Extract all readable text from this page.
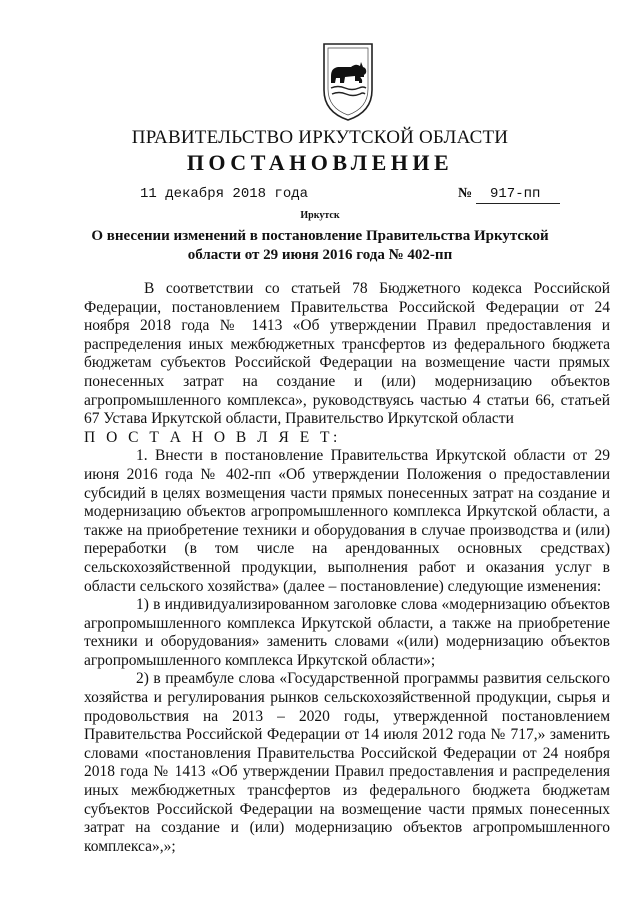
ПРАВИТЕЛЬСТВО ИРКУТСКОЙ ОБЛАСТИ
ПОСТАНОВЛЕНИЕ
11 декабря 2018 года	№ 917-пп
Иркутск
О внесении изменений в постановление Правительства Иркутской области от 29 июня 2016 года № 402-пп

В соответствии со статьей 78 Бюджетного кодекса Российской Федерации, постановлением Правительства Российской Федерации от 24 ноября 2018 года № 1413 «Об утверждении Правил предоставления и распределения иных межбюджетных трансфертов из федерального бюджета бюджетам субъектов Российской Федерации на возмещение части прямых понесенных затрат на создание и (или) модернизацию объектов агропромышленного комплекса», руководствуясь частью 4 статьи 66, статьей 67 Устава Иркутской области, Правительство Иркутской области

П О С Т А Н О В Л Я Е Т:

1. Внести в постановление Правительства Иркутской области от 29 июня 2016 года № 402-пп «Об утверждении Положения о предоставлении субсидий в целях возмещения части прямых понесенных затрат на создание и модернизацию объектов агропромышленного комплекса Иркутской области, а также на приобретение техники и оборудования в случае производства и (или) переработки (в том числе на арендованных основных средствах) сельскохозяйственной продукции, выполнения работ и оказания услуг в области сельского хозяйства» (далее – постановление) следующие изменения:

1) в индивидуализированном заголовке слова «модернизацию объектов агропромышленного комплекса Иркутской области, а также на приобретение техники и оборудования» заменить словами «(или) модернизацию объектов агропромышленного комплекса Иркутской области»;

2) в преамбуле слова «Государственной программы развития сельского хозяйства и регулирования рынков сельскохозяйственной продукции, сырья и продовольствия на 2013 – 2020 годы, утвержденной постановлением Правительства Российской Федерации от 14 июля 2012 года № 717,» заменить словами «постановления Правительства Российской Федерации от 24 ноября 2018 года № 1413 «Об утверждении Правил предоставления и распределения иных межбюджетных трансфертов из федерального бюджета бюджетам субъектов Российской Федерации на возмещение части прямых понесенных затрат на создание и (или) модернизацию объектов агропромышленного комплекса»,»;
